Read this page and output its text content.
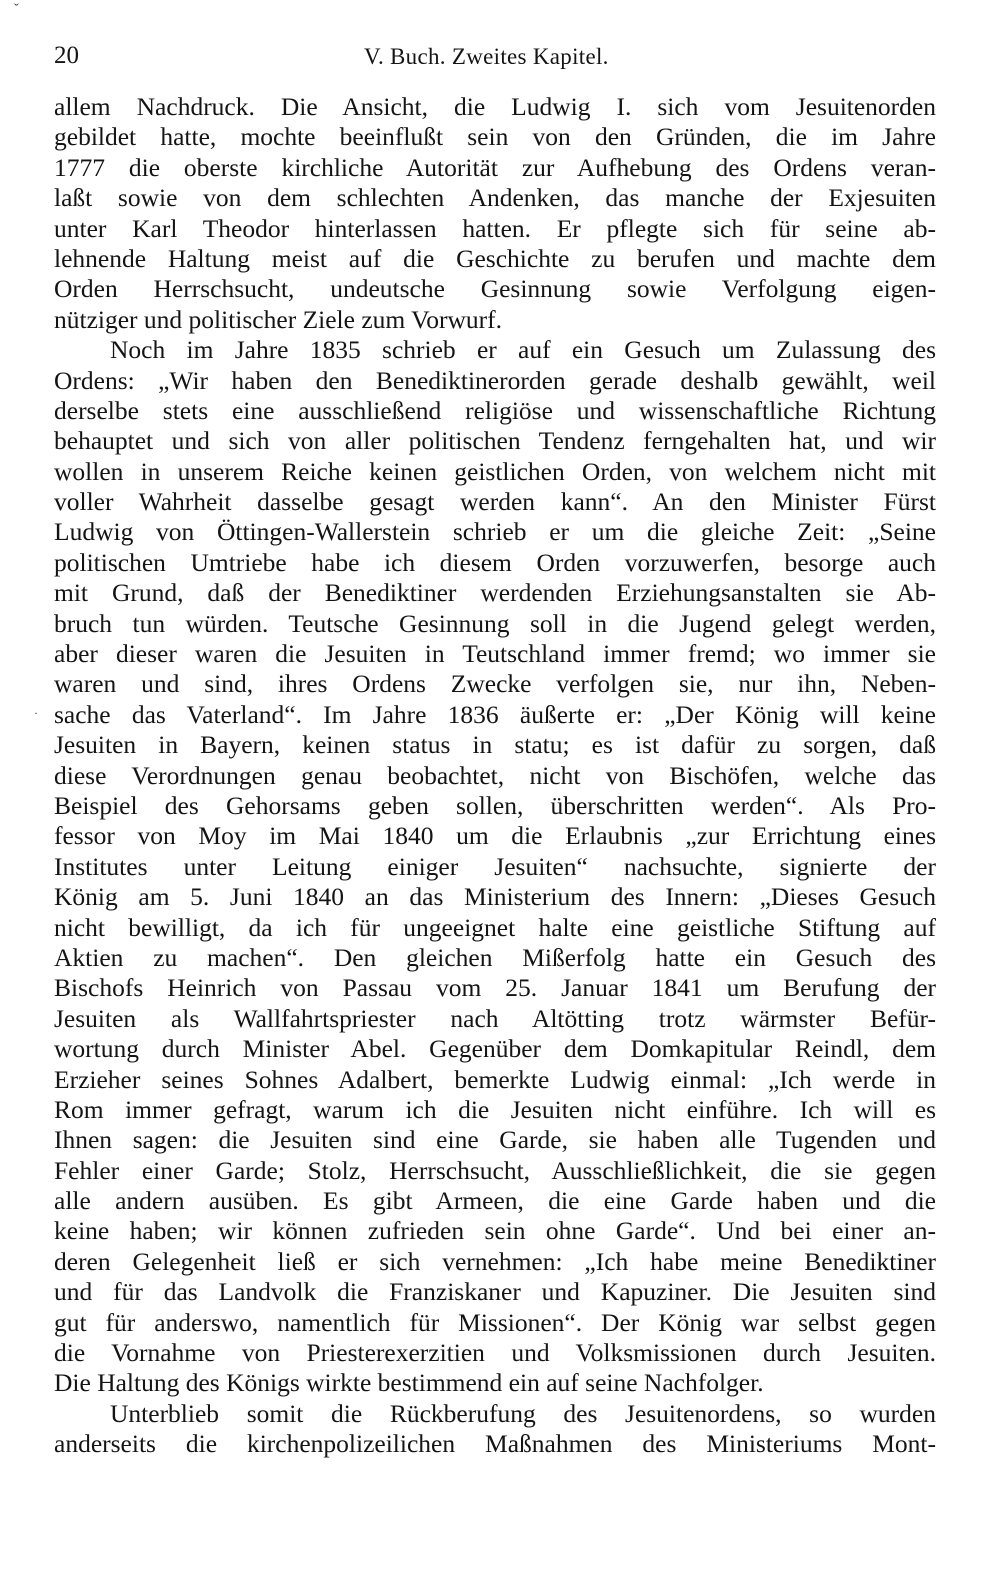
ˇ
20	V. Buch. Zweites Kapitel.
allem Nachdruck. Die Ansicht, die Ludwig I. sich vom Jesuitenorden
gebildet hatte, mochte beeinflußt sein von den Gründen, die im Jahre
1777 die oberste kirchliche Autorität zur Aufhebung des Ordens veran-
laßt sowie von dem schlechten Andenken, das manche der Exjesuiten
unter Karl Theodor hinterlassen hatten. Er pflegte sich für seine ab-
lehnende Haltung meist auf die Geschichte zu berufen und machte dem
Orden Herrschsucht, undeutsche Gesinnung sowie Verfolgung eigen-
nütziger und politischer Ziele zum Vorwurf.
Noch im Jahre 1835 schrieb er auf ein Gesuch um Zulassung des
Ordens: „Wir haben den Benediktinerorden gerade deshalb gewählt, weil
derselbe stets eine ausschließend religiöse und wissenschaftliche Richtung
behauptet und sich von aller politischen Tendenz ferngehalten hat, und wir
wollen in unserem Reiche keinen geistlichen Orden, von welchem nicht mit
voller Wahrheit dasselbe gesagt werden kann“. An den Minister Fürst
Ludwig von Öttingen-Wallerstein schrieb er um die gleiche Zeit: „Seine
politischen Umtriebe habe ich diesem Orden vorzuwerfen, besorge auch
mit Grund, daß der Benediktiner werdenden Erziehungsanstalten sie Ab-
bruch tun würden. Teutsche Gesinnung soll in die Jugend gelegt werden,
aber dieser waren die Jesuiten in Teutschland immer fremd; wo immer sie
waren und sind, ihres Ordens Zwecke verfolgen sie, nur ihn, Neben-
sache das Vaterland“. Im Jahre 1836 äußerte er: „Der König will keine
Jesuiten in Bayern, keinen status in statu; es ist dafür zu sorgen, daß
diese Verordnungen genau beobachtet, nicht von Bischöfen, welche das
Beispiel des Gehorsams geben sollen, überschritten werden“. Als Pro-
fessor von Moy im Mai 1840 um die Erlaubnis „zur Errichtung eines
Institutes unter Leitung einiger Jesuiten“ nachsuchte, signierte der
König am 5. Juni 1840 an das Ministerium des Innern: „Dieses Gesuch
nicht bewilligt, da ich für ungeeignet halte eine geistliche Stiftung auf
Aktien zu machen“. Den gleichen Mißerfolg hatte ein Gesuch des
Bischofs Heinrich von Passau vom 25. Januar 1841 um Berufung der
Jesuiten als Wallfahrtspriester nach Altötting trotz wärmster Befür-
wortung durch Minister Abel. Gegenüber dem Domkapitular Reindl, dem
Erzieher seines Sohnes Adalbert, bemerkte Ludwig einmal: „Ich werde in
Rom immer gefragt, warum ich die Jesuiten nicht einführe. Ich will es
Ihnen sagen: die Jesuiten sind eine Garde, sie haben alle Tugenden und
Fehler einer Garde; Stolz, Herrschsucht, Ausschließlichkeit, die sie gegen
alle andern ausüben. Es gibt Armeen, die eine Garde haben und die
keine haben; wir können zufrieden sein ohne Garde“. Und bei einer an-
deren Gelegenheit ließ er sich vernehmen: „Ich habe meine Benediktiner
und für das Landvolk die Franziskaner und Kapuziner. Die Jesuiten sind
gut für anderswo, namentlich für Missionen“. Der König war selbst gegen
die Vornahme von Priesterexerzitien und Volksmissionen durch Jesuiten.
Die Haltung des Königs wirkte bestimmend ein auf seine Nachfolger.
Unterblieb somit die Rückberufung des Jesuitenordens, so wurden
anderseits die kirchenpolizeilichen Maßnahmen des Ministeriums Mont-
·
